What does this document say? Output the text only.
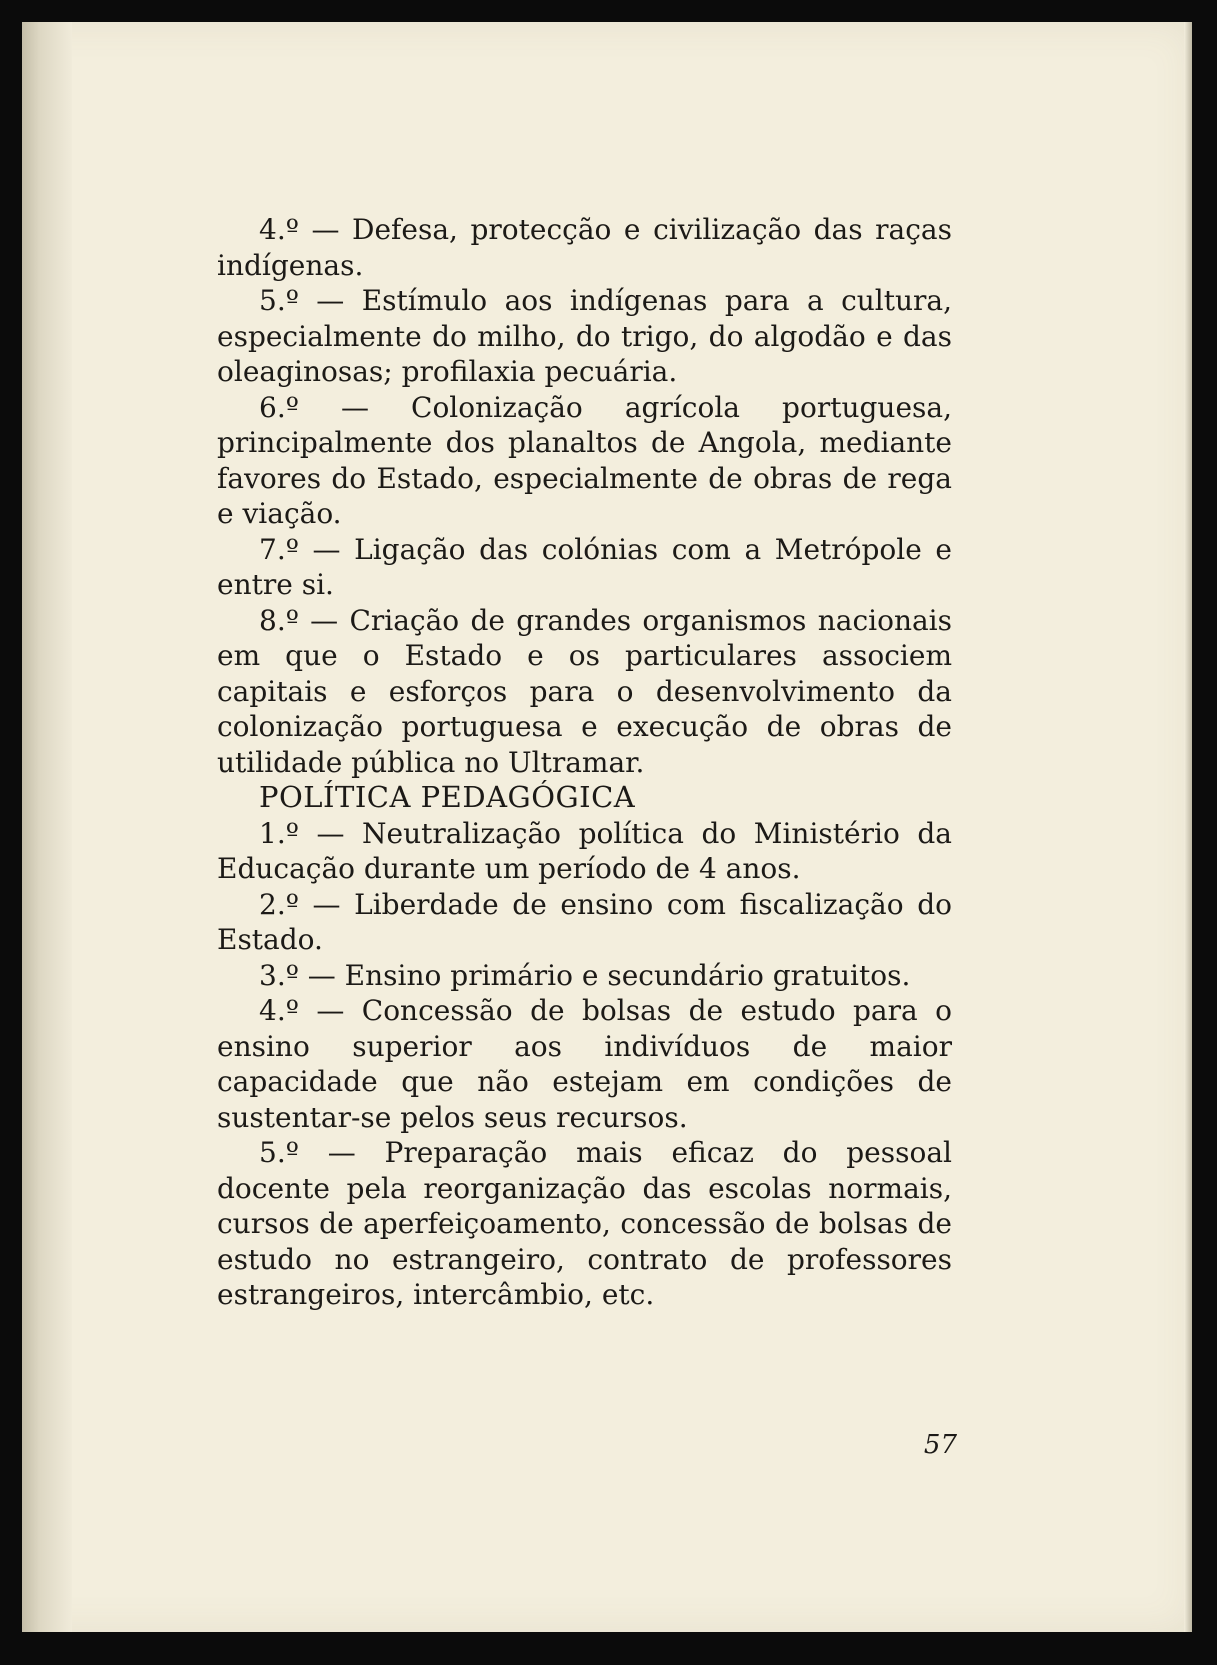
4.º — Defesa, protecção e civilização das raças indígenas.

5.º — Estímulo aos indígenas para a cultura, especialmente do milho, do trigo, do algodão e das oleaginosas; profilaxia pecuária.

6.º — Colonização agrícola portuguesa, principalmente dos planaltos de Angola, mediante favores do Estado, especialmente de obras de rega e viação.

7.º — Ligação das colónias com a Metrópole e entre si.

8.º — Criação de grandes organismos nacionais em que o Estado e os particulares associem capitais e esforços para o desenvolvimento da colonização portuguesa e execução de obras de utilidade pública no Ultramar.

POLÍTICA PEDAGÓGICA

1.º — Neutralização política do Ministério da Educação durante um período de 4 anos.

2.º — Liberdade de ensino com fiscalização do Estado.

3.º — Ensino primário e secundário gratuitos.

4.º — Concessão de bolsas de estudo para o ensino superior aos indivíduos de maior capacidade que não estejam em condições de sustentar-se pelos seus recursos.

5.º — Preparação mais eficaz do pessoal docente pela reorganização das escolas normais, cursos de aperfeiçoamento, concessão de bolsas de estudo no estrangeiro, contrato de professores estrangeiros, intercâmbio, etc.

57
